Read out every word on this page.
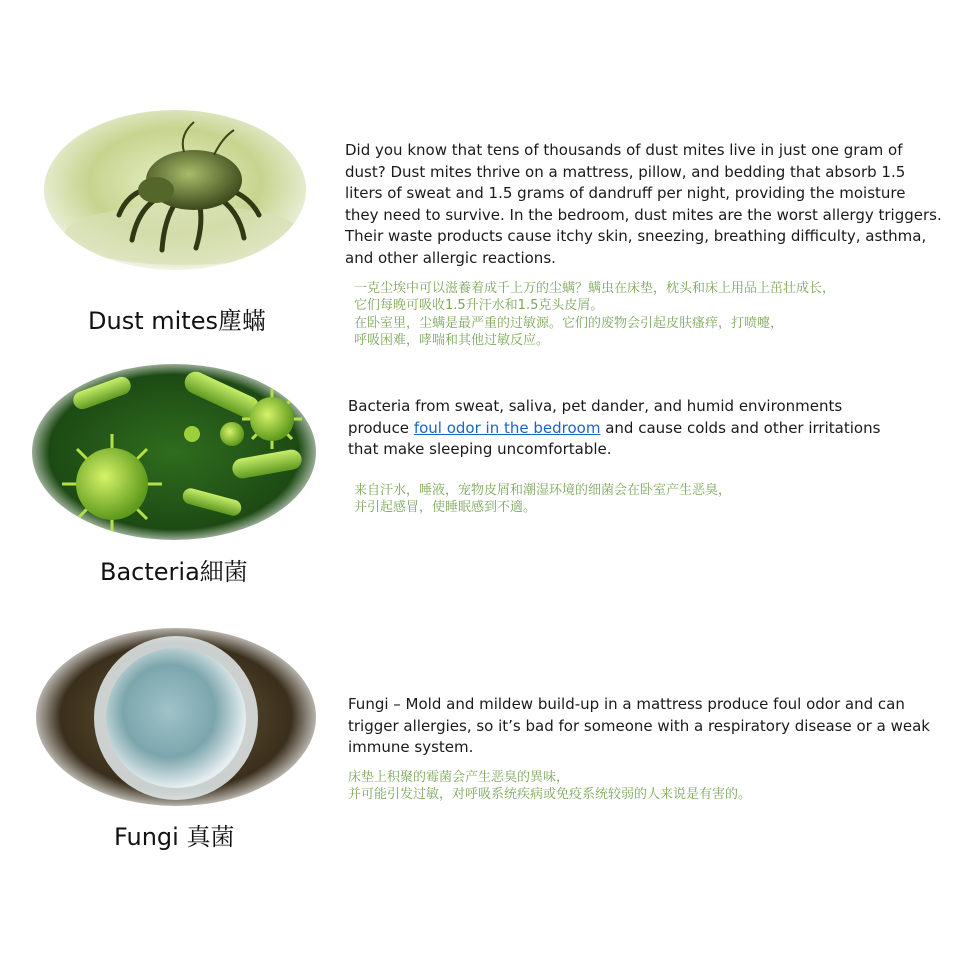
Dust mites塵蟎

Did you know that tens of thousands of dust mites live in just one gram of

dust? Dust mites thrive on a mattress, pillow, and bedding that absorb 1.5

liters of sweat and 1.5 grams of dandruff per night, providing the moisture

they need to survive. In the bedroom, dust mites are the worst allergy triggers.

Their waste products cause itchy skin, sneezing, breathing difficulty, asthma,

and other allergic reactions.

一克尘埃中可以滋養着成千上万的尘螨？螨虫在床垫，枕头和床上用品上茁壮成长，

它们每晚可吸收1.5升汗水和1.5克头皮屑。

在卧室里，尘螨是最严重的过敏源。它们的废物会引起皮肤瘙痒，打喷嚏，

呼吸困难，哮喘和其他过敏反应。

Bacteria細菌

Bacteria from sweat, saliva, pet dander, and humid environments

produce foul odor in the bedroom and cause colds and other irritations

that make sleeping uncomfortable.

来自汗水，唾液，宠物皮屑和潮湿环境的细菌会在卧室产生恶臭，

并引起感冒，使睡眠感到不適。

Fungi 真菌

Fungi – Mold and mildew build-up in a mattress produce foul odor and can

trigger allergies, so it’s bad for someone with a respiratory disease or a weak

immune system.

床垫上积聚的霉菌会产生恶臭的異味，

并可能引发过敏，对呼吸系统疾病或免疫系统较弱的人来说是有害的。
